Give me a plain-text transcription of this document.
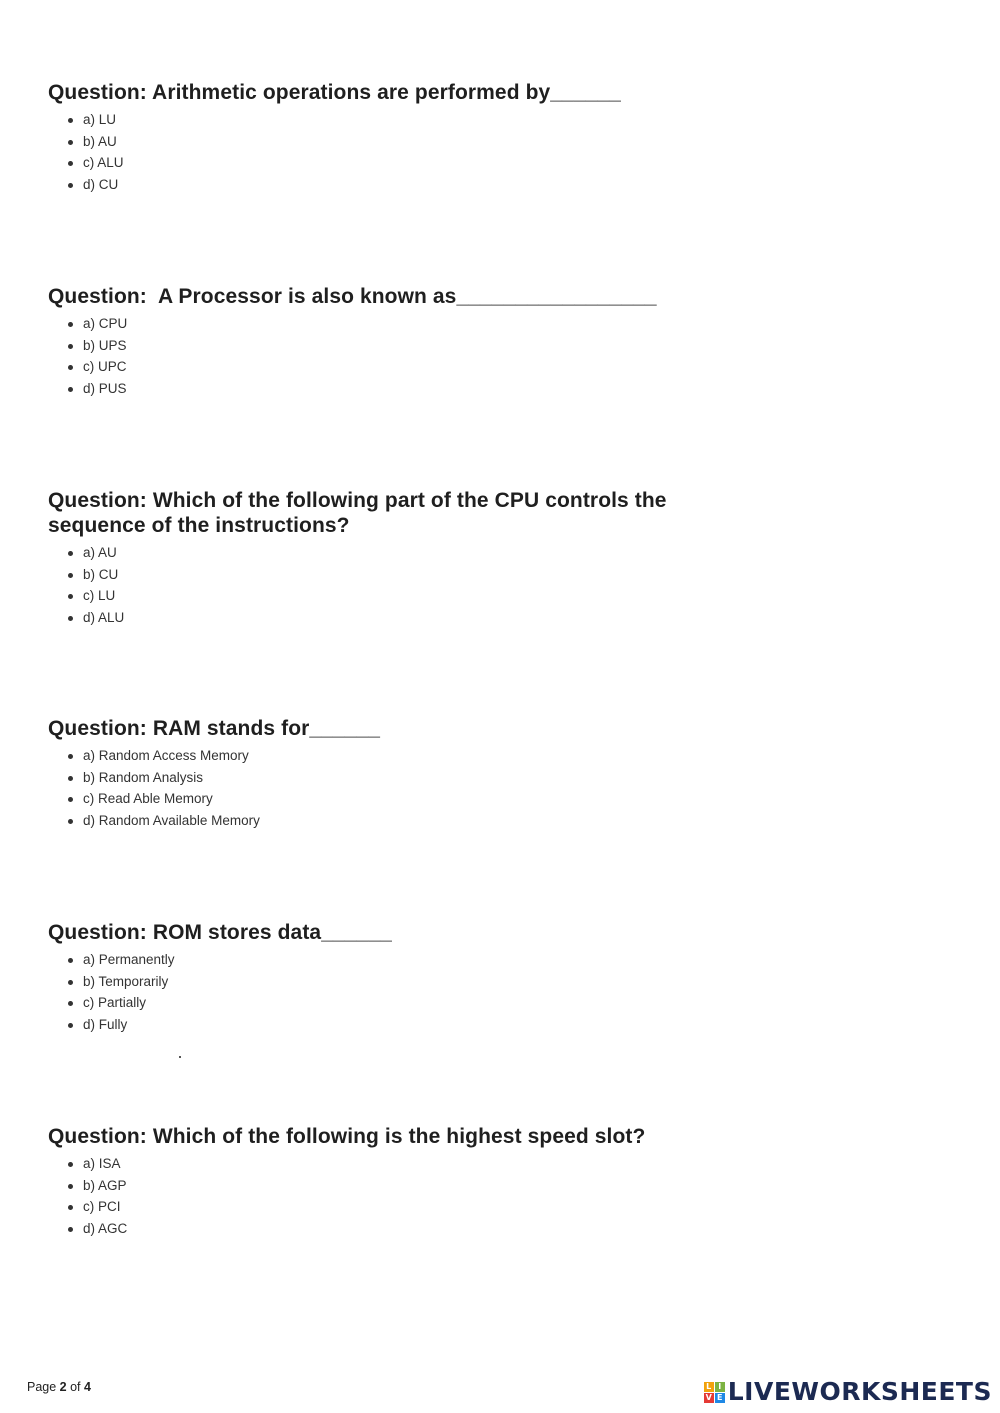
Question: Arithmetic operations are performed by______

a) LU
b) AU
c) ALU
d) CU

Question:  A Processor is also known as_________________

a) CPU
b) UPS
c) UPC
d) PUS

Question: Which of the following part of the CPU controls the
sequence of the instructions?

a) AU
b) CU
c) LU
d) ALU

Question: RAM stands for______

a) Random Access Memory
b) Random Analysis
c) Read Able Memory
d) Random Available Memory

Question: ROM stores data______

a) Permanently
b) Temporarily
c) Partially
d) Fully

Question: Which of the following is the highest speed slot?

a) ISA
b) AGP
c) PCI
d) AGC
Page 2 of 4	L I
V E LIVEWORKSHEETS
